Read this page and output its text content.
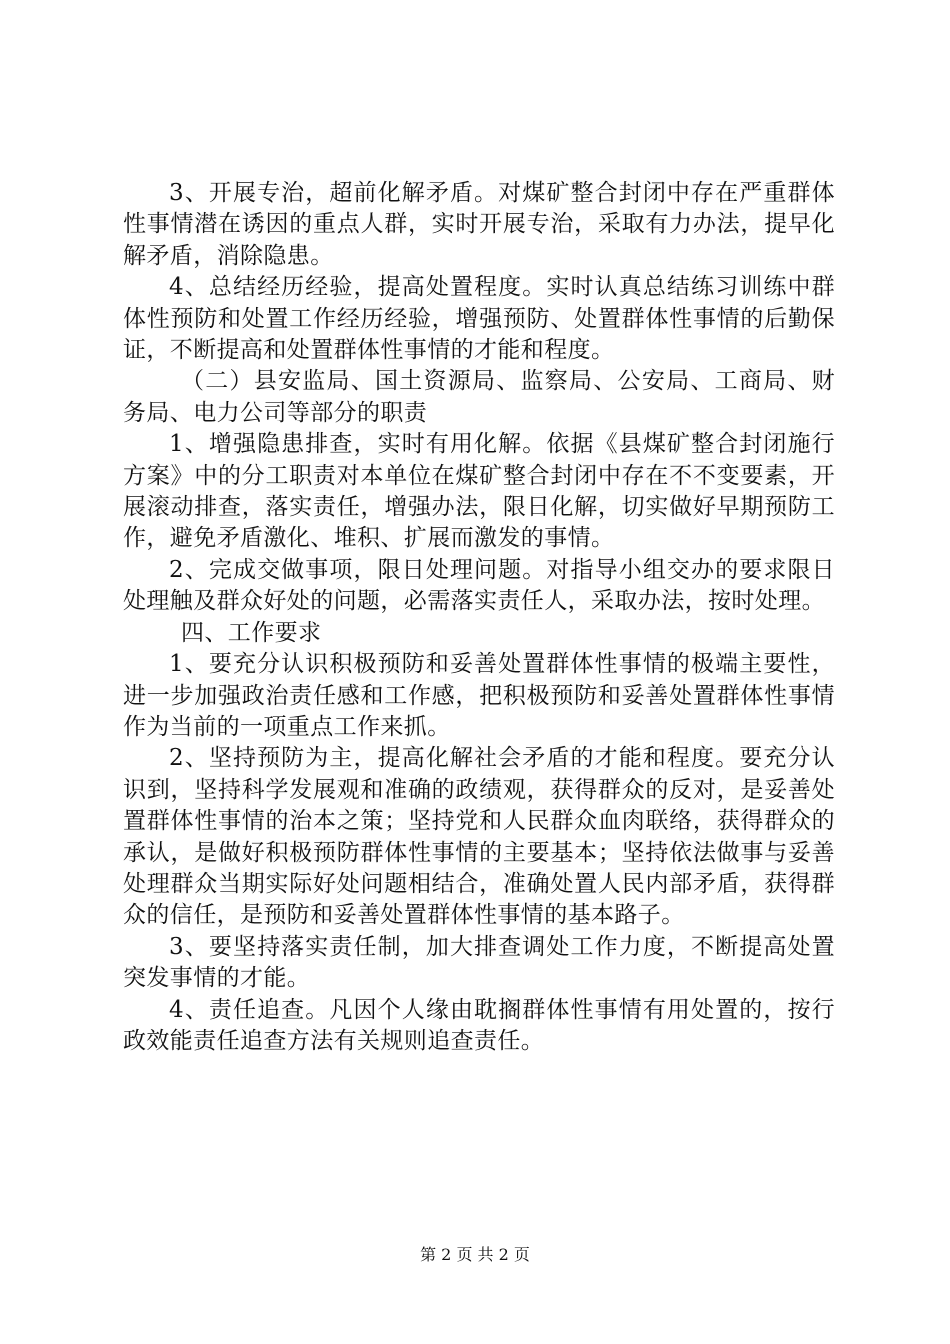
3、开展专治，超前化解矛盾。对煤矿整合封闭中存在严重群体性事情潜在诱因的重点人群，实时开展专治，采取有力办法，提早化解矛盾，消除隐患。

4、总结经历经验，提高处置程度。实时认真总结练习训练中群体性预防和处置工作经历经验，增强预防、处置群体性事情的后勤保证，不断提高和处置群体性事情的才能和程度。

（二）县安监局、国土资源局、监察局、公安局、工商局、财务局、电力公司等部分的职责

1、增强隐患排查，实时有用化解。依据《县煤矿整合封闭施行方案》中的分工职责对本单位在煤矿整合封闭中存在不不变要素，开展滚动排查，落实责任，增强办法，限日化解，切实做好早期预防工作，避免矛盾激化、堆积、扩展而激发的事情。

2、完成交做事项，限日处理问题。对指导小组交办的要求限日处理触及群众好处的问题，必需落实责任人，采取办法，按时处理。

四、工作要求

1、要充分认识积极预防和妥善处置群体性事情的极端主要性，进一步加强政治责任感和工作感，把积极预防和妥善处置群体性事情作为当前的一项重点工作来抓。

2、坚持预防为主，提高化解社会矛盾的才能和程度。要充分认识到，坚持科学发展观和准确的政绩观，获得群众的反对，是妥善处置群体性事情的治本之策；坚持党和人民群众血肉联络，获得群众的承认，是做好积极预防群体性事情的主要基本；坚持依法做事与妥善处理群众当期实际好处问题相结合，准确处置人民内部矛盾，获得群众的信任，是预防和妥善处置群体性事情的基本路子。

3、要坚持落实责任制，加大排查调处工作力度，不断提高处置突发事情的才能。

4、责任追查。凡因个人缘由耽搁群体性事情有用处置的，按行政效能责任追查方法有关规则追查责任。

第 2 页 共 2 页
